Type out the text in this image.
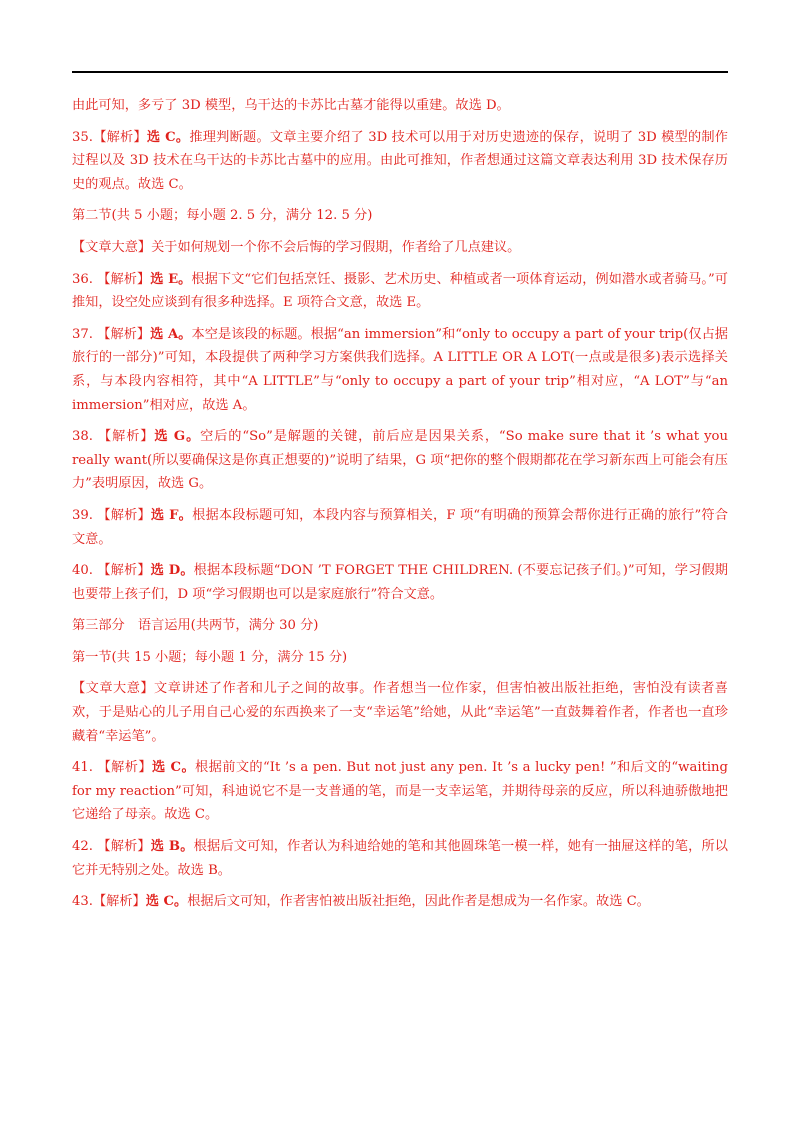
由此可知，多亏了 3D 模型，乌干达的卡苏比古墓才能得以重建。故选 D。

35.【解析】选 C。推理判断题。文章主要介绍了 3D 技术可以用于对历史遗迹的保存，说明了 3D 模型的制作过程以及 3D 技术在乌干达的卡苏比古墓中的应用。由此可推知，作者想通过这篇文章表达利用 3D 技术保存历史的观点。故选 C。

第二节(共 5 小题；每小题 2. 5 分，满分 12. 5 分)

【文章大意】关于如何规划一个你不会后悔的学习假期，作者给了几点建议。

36. 【解析】选 E。根据下文“它们包括烹饪、摄影、艺术历史、种植或者一项体育运动，例如潜水或者骑马。”可推知，设空处应谈到有很多种选择。E 项符合文意，故选 E。

37. 【解析】选 A。本空是该段的标题。根据“an immersion”和“only to occupy a part of your trip(仅占据旅行的一部分)”可知，本段提供了两种学习方案供我们选择。A LITTLE OR A LOT(一点或是很多)表示选择关系，与本段内容相符，其中“A LITTLE”与“only to occupy a part of your trip”相对应，“A LOT”与“an immersion”相对应，故选 A。

38. 【解析】选 G。空后的“So”是解题的关键，前后应是因果关系，“So make sure that it ’s what you really want(所以要确保这是你真正想要的)”说明了结果，G 项“把你的整个假期都花在学习新东西上可能会有压力”表明原因，故选 G。

39. 【解析】选 F。根据本段标题可知，本段内容与预算相关，F 项“有明确的预算会帮你进行正确的旅行”符合文意。

40. 【解析】选 D。根据本段标题“DON ’T FORGET THE CHILDREN. (不要忘记孩子们。)”可知，学习假期也要带上孩子们，D 项“学习假期也可以是家庭旅行”符合文意。

第三部分　语言运用(共两节，满分 30 分)

第一节(共 15 小题；每小题 1 分，满分 15 分)

【文章大意】文章讲述了作者和儿子之间的故事。作者想当一位作家，但害怕被出版社拒绝，害怕没有读者喜欢，于是贴心的儿子用自己心爱的东西换来了一支“幸运笔”给她，从此“幸运笔”一直鼓舞着作者，作者也一直珍藏着“幸运笔”。

41. 【解析】选 C。根据前文的“It ’s a pen. But not just any pen. It ’s a lucky pen! ”和后文的“waiting for my reaction”可知，科迪说它不是一支普通的笔，而是一支幸运笔，并期待母亲的反应，所以科迪骄傲地把它递给了母亲。故选 C。

42. 【解析】选 B。根据后文可知，作者认为科迪给她的笔和其他圆珠笔一模一样，她有一抽屉这样的笔，所以它并无特别之处。故选 B。

43.【解析】选 C。根据后文可知，作者害怕被出版社拒绝，因此作者是想成为一名作家。故选 C。
